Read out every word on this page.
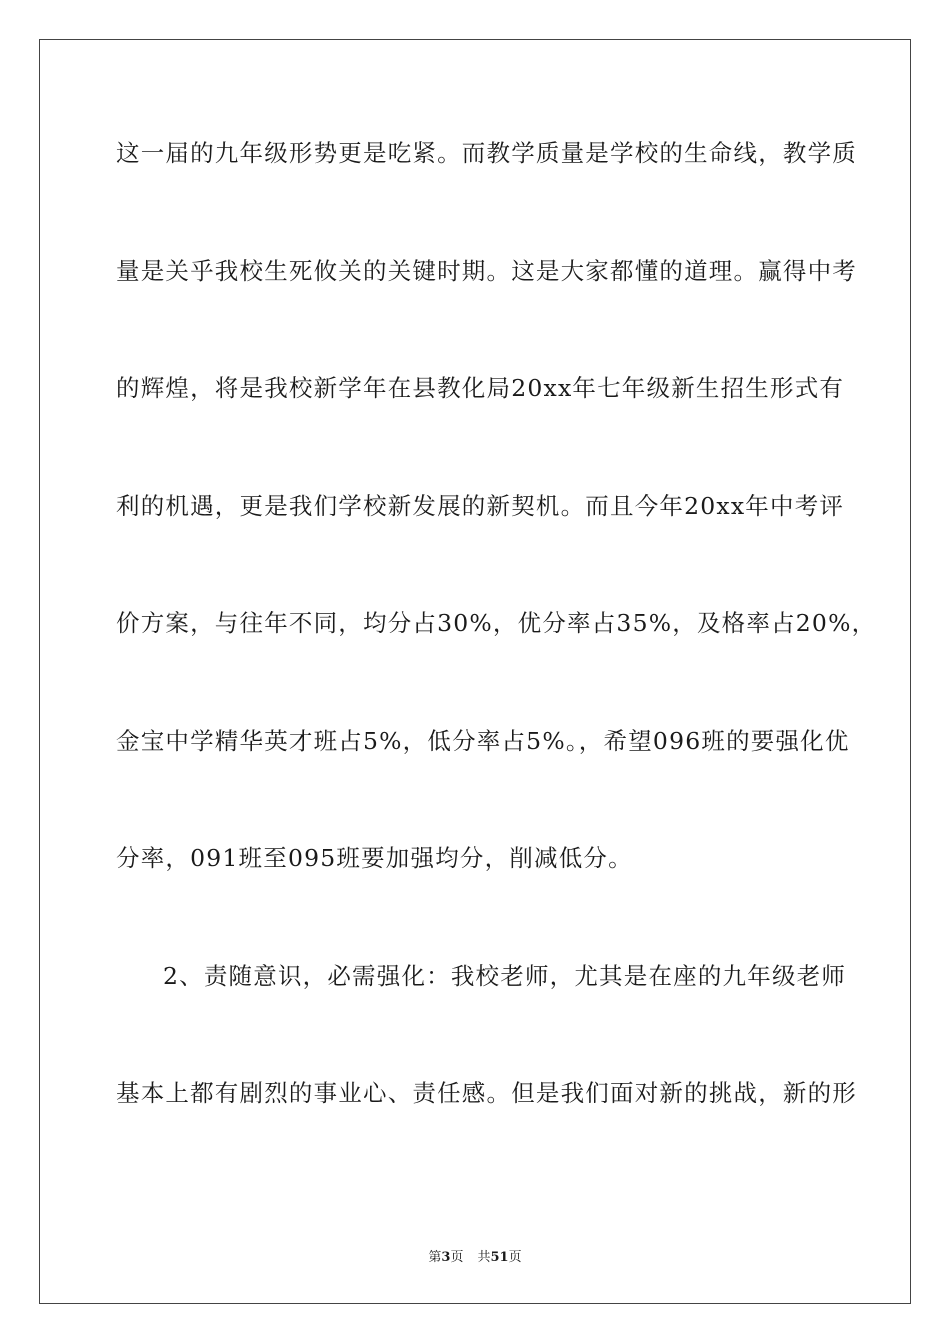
这一届的九年级形势更是吃紧。而教学质量是学校的生命线，教学质
量是关乎我校生死攸关的关键时期。这是大家都懂的道理。赢得中考
的辉煌，将是我校新学年在县教化局20xx年七年级新生招生形式有
利的机遇，更是我们学校新发展的新契机。而且今年20xx年中考评
价方案，与往年不同，均分占30%，优分率占35%，及格率占20%，
金宝中学精华英才班占5%，低分率占5%。，希望096班的要强化优
分率，091班至095班要加强均分，削减低分。
2、责随意识，必需强化：我校老师，尤其是在座的九年级老师
基本上都有剧烈的事业心、责任感。但是我们面对新的挑战，新的形
第3页 共51页
